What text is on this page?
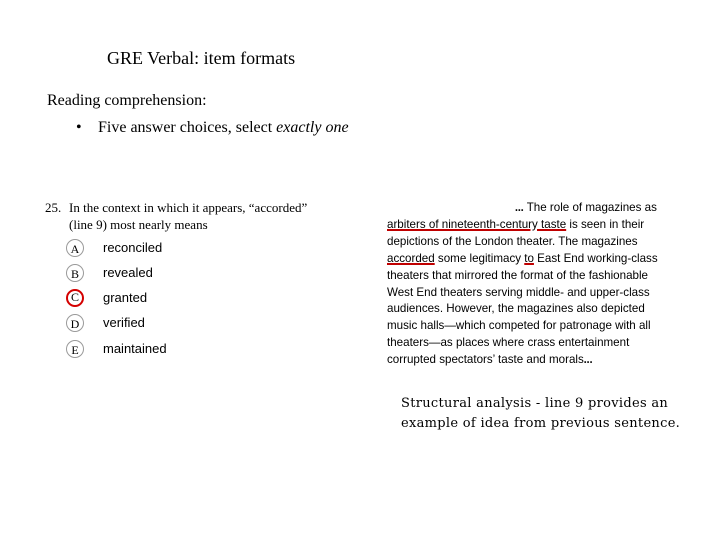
GRE Verbal: item formats
Reading comprehension:
• Five answer choices, select exactly one
25. In the context in which it appears, “accorded”
(line 9) most nearly means
A reconciled
B revealed
C granted
D verified
E maintained
... The role of magazines as
arbiters of nineteenth-century taste is seen in their
depictions of the London theater. The magazines
accorded some legitimacy to East End working-class
theaters that mirrored the format of the fashionable
West End theaters serving middle- and upper-class
audiences. However, the magazines also depicted
music halls—which competed for patronage with all
theaters—as places where crass entertainment
corrupted spectators’ taste and morals...
Structural analysis - line 9 provides an
example of idea from previous sentence.
